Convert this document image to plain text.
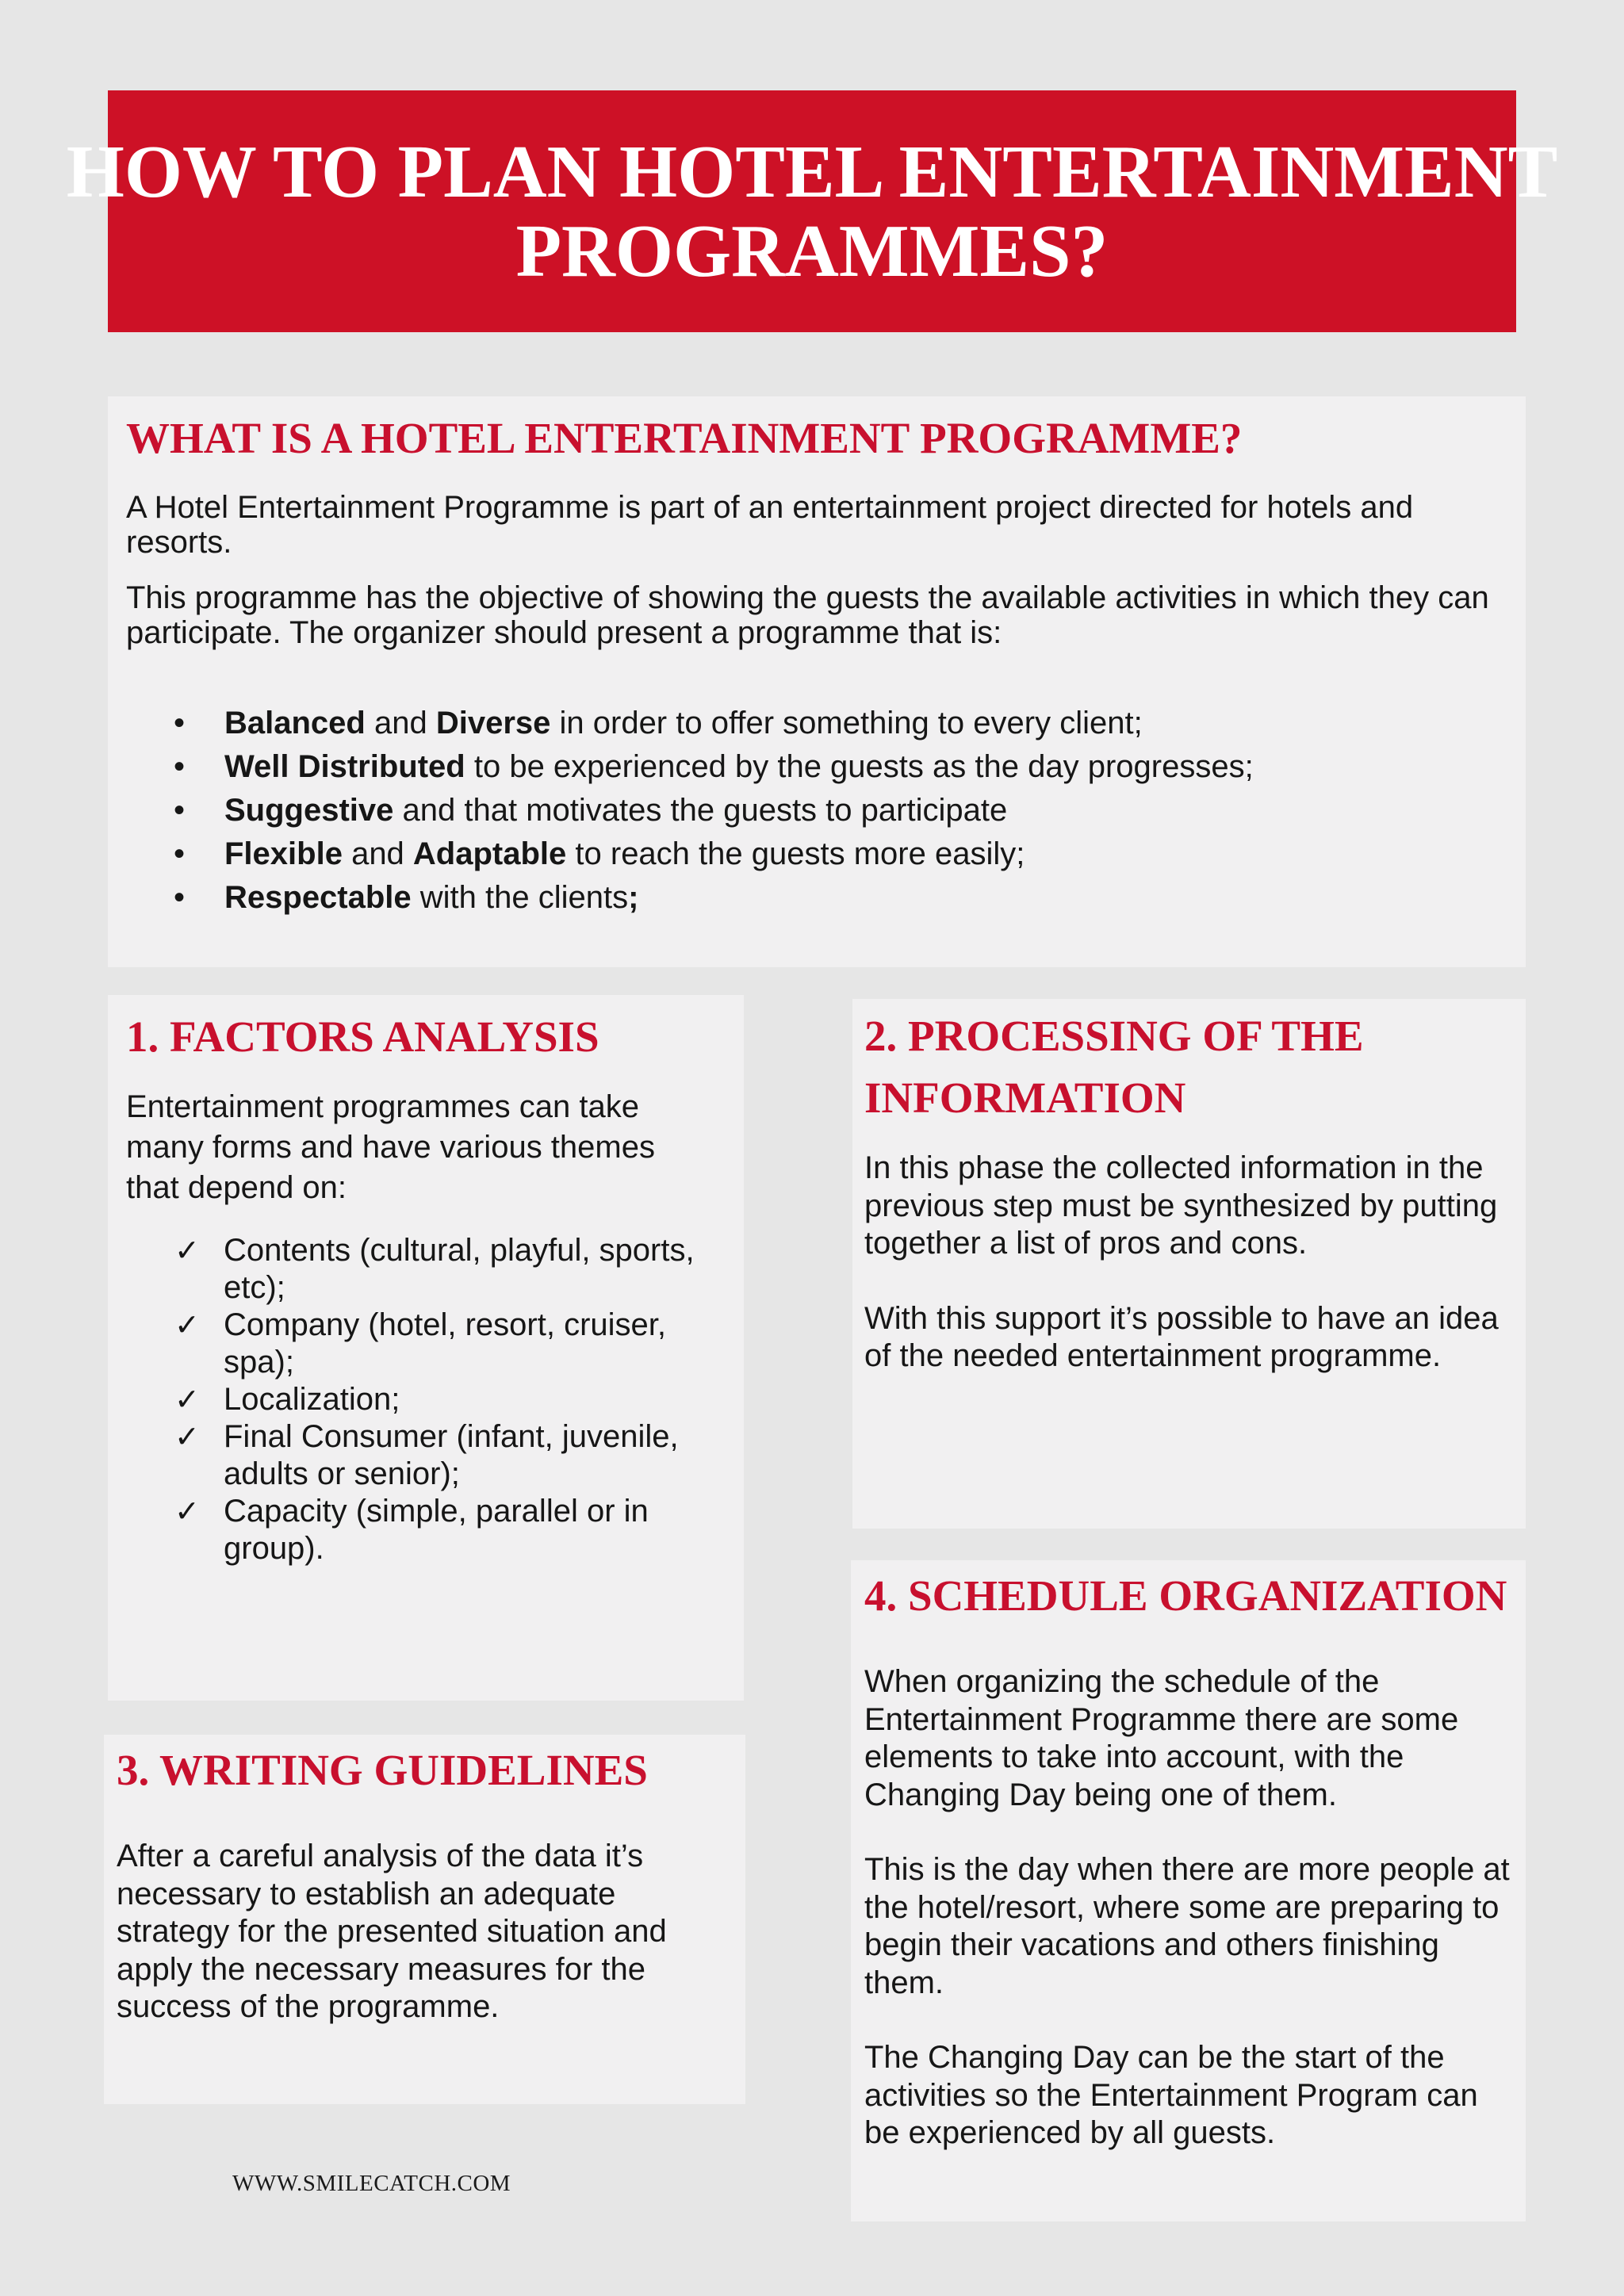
HOW TO PLAN HOTEL ENTERTAINMENT
PROGRAMMES?
WHAT IS A HOTEL ENTERTAINMENT PROGRAMME?

A Hotel Entertainment Programme is part of an entertainment project directed for hotels and resorts.

This programme has the objective of showing the guests the available activities in which they can participate. The organizer should present a programme that is:

• Balanced and Diverse in order to offer something to every client;
• Well Distributed to be experienced by the guests as the day progresses;
• Suggestive and that motivates the guests to participate
• Flexible and Adaptable to reach the guests more easily;
• Respectable with the clients;
1. FACTORS ANALYSIS

Entertainment programmes can take many forms and have various themes that depend on:

✓ Contents (cultural, playful, sports, etc);
✓ Company (hotel, resort, cruiser, spa);
✓ Localization;
✓ Final Consumer (infant, juvenile, adults or senior);
✓ Capacity (simple, parallel or in group).
2. PROCESSING OF THE
INFORMATION

In this phase the collected information in the previous step must be synthesized by putting together a list of pros and cons.

With this support it’s possible to have an idea of the needed entertainment programme.

3. WRITING GUIDELINES

After a careful analysis of the data it’s necessary to establish an adequate strategy for the presented situation and apply the necessary measures for the success of the programme.

4. SCHEDULE ORGANIZATION

When organizing the schedule of the Entertainment Programme there are some elements to take into account, with the Changing Day being one of them.

This is the day when there are more people at the hotel/resort, where some are preparing to begin their vacations and others finishing them.

The Changing Day can be the start of the activities so the Entertainment Program can be experienced by all guests.

WWW.SMILECATCH.COM
